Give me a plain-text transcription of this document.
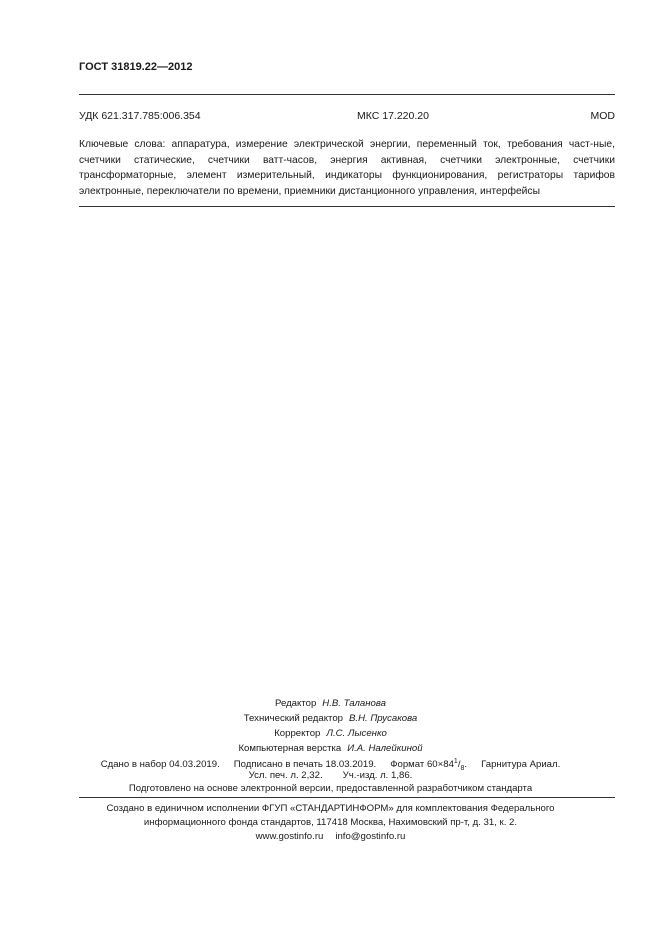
ГОСТ 31819.22—2012
УДК 621.317.785:006.354	МКС 17.220.20	MOD
Ключевые слова: аппаратура, измерение электрической энергии, переменный ток, требования част-ные, счетчики статические, счетчики ватт-часов, энергия активная, счетчики электронные, счетчики трансформаторные, элемент измерительный, индикаторы функционирования, регистраторы тарифов электронные, переключатели по времени, приемники дистанционного управления, интерфейсы
Редактор Н.В. Таланова
Технический редактор В.Н. Прусакова
Корректор Л.С. Лысенко
Компьютерная верстка И.А. Налейкиной
Сдано в набор 04.03.2019. Подписано в печать 18.03.2019. Формат $60\times 84^1/_8$. Гарнитура Ариал.
Усл. печ. л. 2,32. Уч.-изд. л. 1,86.
Подготовлено на основе электронной версии, предоставленной разработчиком стандарта
Создано в единичном исполнении ФГУП «СТАНДАРТИНФОРМ» для комплектования Федерального
информационного фонда стандартов, 117418 Москва, Нахимовский пр-т, д. 31, к. 2.
www.gostinfo.ru info@gostinfo.ru
